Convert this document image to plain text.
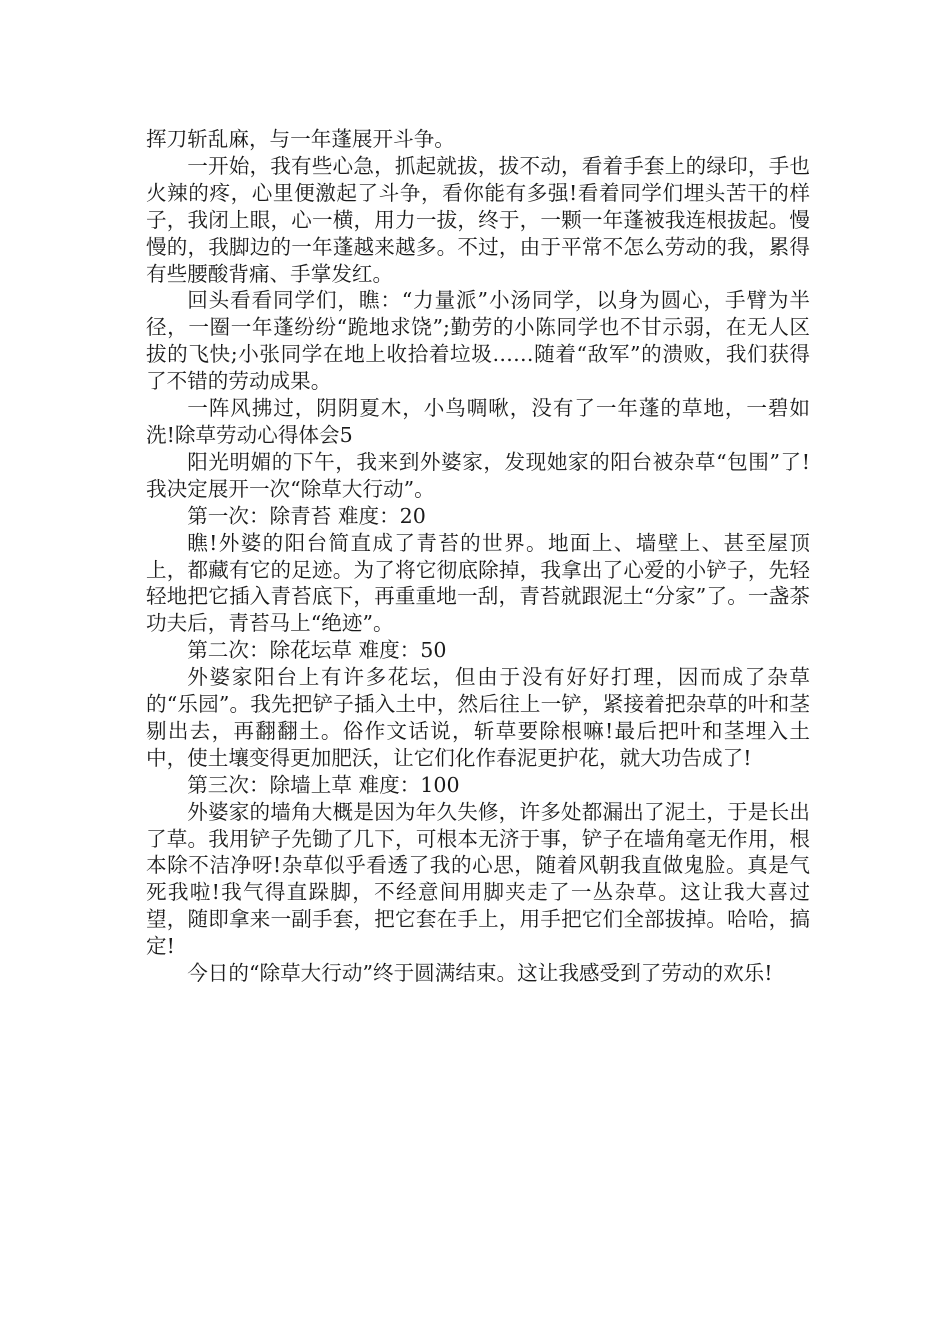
挥刀斩乱麻，与一年蓬展开斗争。

一开始，我有些心急，抓起就拔，拔不动，看着手套上的绿印，手也火辣的疼，心里便激起了斗争，看你能有多强!看着同学们埋头苦干的样子，我闭上眼，心一横，用力一拔，终于，一颗一年蓬被我连根拔起。慢慢的，我脚边的一年蓬越来越多。不过，由于平常不怎么劳动的我，累得有些腰酸背痛、手掌发红。

回头看看同学们，瞧：“力量派”小汤同学，以身为圆心，手臂为半径，一圈一年蓬纷纷“跪地求饶”;勤劳的小陈同学也不甘示弱，在无人区拔的飞快;小张同学在地上收拾着垃圾……随着“敌军”的溃败，我们获得了不错的劳动成果。

一阵风拂过，阴阴夏木，小鸟啁啾，没有了一年蓬的草地，一碧如洗!除草劳动心得体会5

阳光明媚的下午，我来到外婆家，发现她家的阳台被杂草“包围”了!我决定展开一次“除草大行动”。

第一次：除青苔 难度：20

瞧!外婆的阳台简直成了青苔的世界。地面上、墙壁上、甚至屋顶上，都藏有它的足迹。为了将它彻底除掉，我拿出了心爱的小铲子，先轻轻地把它插入青苔底下，再重重地一刮，青苔就跟泥土“分家”了。一盏茶功夫后，青苔马上“绝迹”。

第二次：除花坛草 难度：50

外婆家阳台上有许多花坛，但由于没有好好打理，因而成了杂草的“乐园”。我先把铲子插入土中，然后往上一铲，紧接着把杂草的叶和茎剔出去，再翻翻土。俗作文话说，斩草要除根嘛!最后把叶和茎埋入土中，使土壤变得更加肥沃，让它们化作春泥更护花，就大功告成了!

第三次：除墙上草 难度：100

外婆家的墙角大概是因为年久失修，许多处都漏出了泥土，于是长出了草。我用铲子先锄了几下，可根本无济于事，铲子在墙角毫无作用，根本除不洁净呀!杂草似乎看透了我的心思，随着风朝我直做鬼脸。真是气死我啦!我气得直跺脚，不经意间用脚夹走了一丛杂草。这让我大喜过望，随即拿来一副手套，把它套在手上，用手把它们全部拔掉。哈哈，搞定!

今日的“除草大行动”终于圆满结束。这让我感受到了劳动的欢乐!
